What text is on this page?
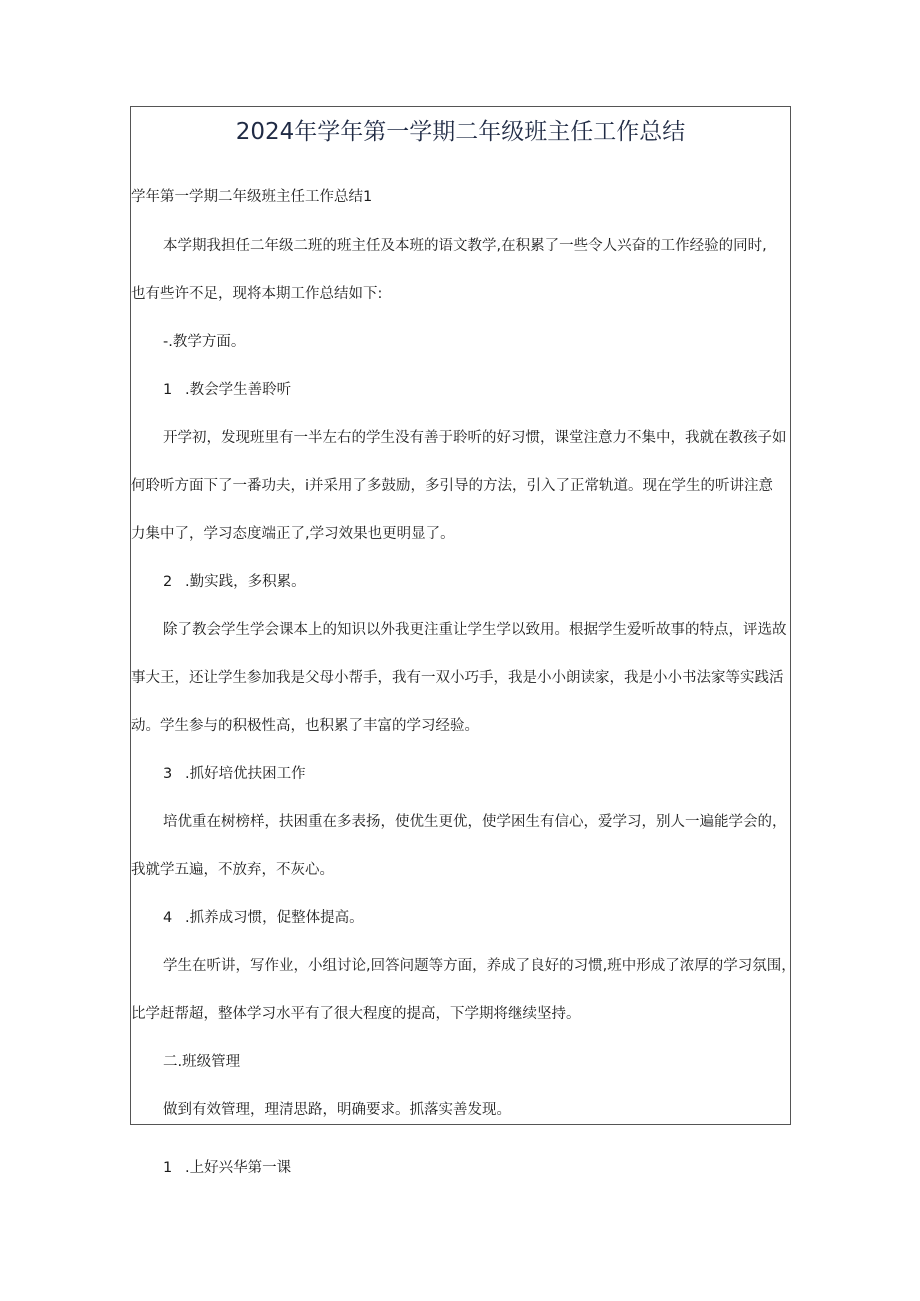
2024年学年第一学期二年级班主任工作总结
学年第一学期二年级班主任工作总结1
本学期我担任二年级二班的班主任及本班的语文教学,在积累了一些令人兴奋的工作经验的同时,
也有些许不足，现将本期工作总结如下:
-.教学方面。
1 .教会学生善聆听
开学初，发现班里有一半左右的学生没有善于聆听的好习惯，课堂注意力不集中，我就在教孩子如
何聆听方面下了一番功夫，i并采用了多鼓励，多引导的方法，引入了正常轨道。现在学生的听讲注意
力集中了，学习态度端正了,学习效果也更明显了。
2 .勤实践，多积累。
除了教会学生学会课本上的知识以外我更注重让学生学以致用。根据学生爱听故事的特点，评选故
事大王，还让学生参加我是父母小帮手，我有一双小巧手，我是小小朗读家，我是小小书法家等实践活
动。学生参与的积极性高，也积累了丰富的学习经验。
3 .抓好培优扶困工作
培优重在树榜样，扶困重在多表扬，使优生更优，使学困生有信心，爱学习，别人一遍能学会的，
我就学五遍，不放弃，不灰心。
4 .抓养成习惯，促整体提高。
学生在听讲，写作业，小组讨论,回答问题等方面，养成了良好的习惯,班中形成了浓厚的学习氛围，
比学赶帮超，整体学习水平有了很大程度的提高，下学期将继续坚持。
二.班级管理
做到有效管理，理清思路，明确要求。抓落实善发现。
1 .上好兴华第一课
